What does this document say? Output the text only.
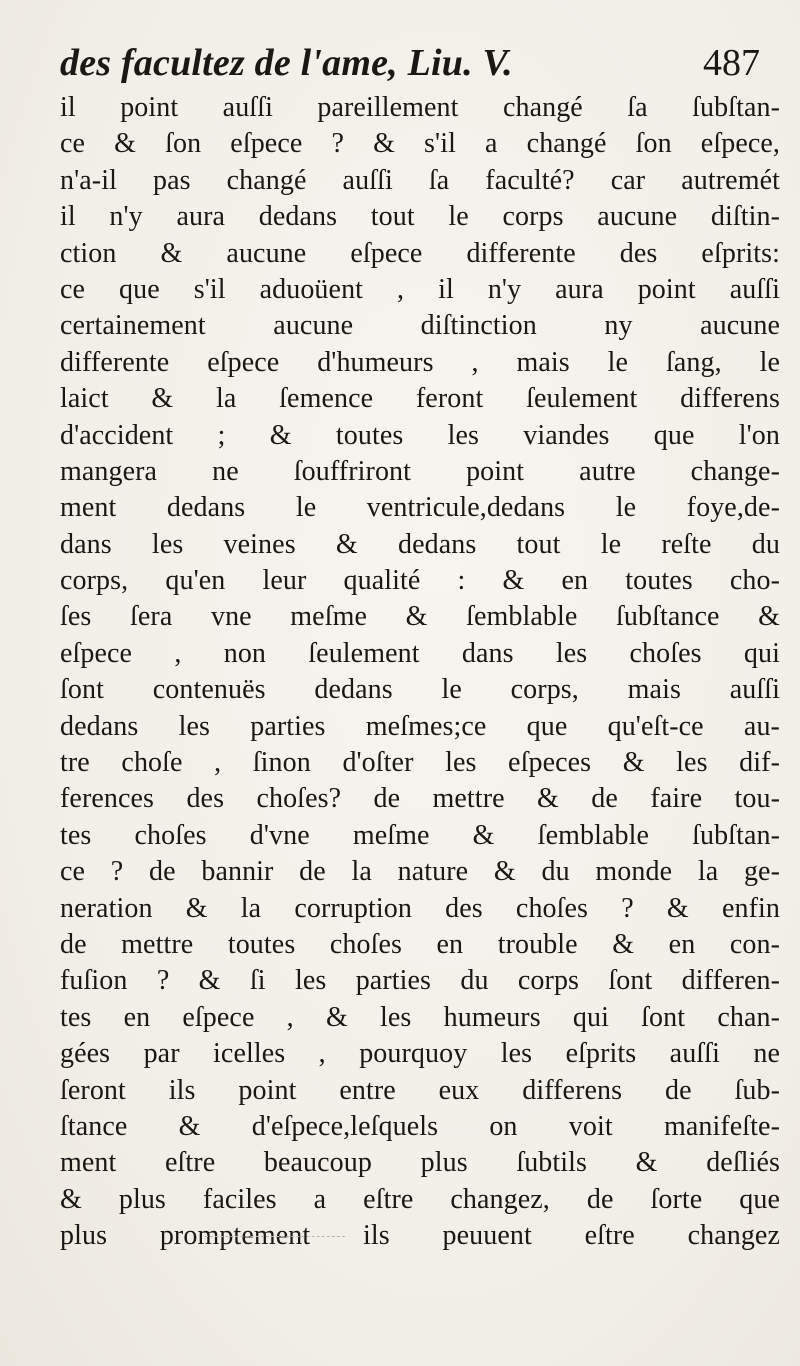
des facultez de l'ame, Liu. V.	487
il point auſſi pareillement changé ſa ſubſtan-
ce & ſon eſpece ? & s'il a changé ſon eſpece,
n'a-il pas changé auſſi ſa faculté? car autremét
il n'y aura dedans tout le corps aucune diſtin-
ction & aucune eſpece differente des eſprits:
ce que s'il aduoüent , il n'y aura point auſſi
certainement aucune diſtinction ny aucune
differente eſpece d'humeurs , mais le ſang, le
laict & la ſemence feront ſeulement differens
d'accident ; & toutes les viandes que l'on
mangera ne ſouffriront point autre change-
ment dedans le ventricule,dedans le foye,de-
dans les veines & dedans tout le reſte du
corps, qu'en leur qualité : & en toutes cho-
ſes ſera vne meſme & ſemblable ſubſtance &
eſpece , non ſeulement dans les choſes qui
ſont contenuës dedans le corps, mais auſſi
dedans les parties meſmes;ce que qu'eſt-ce au-
tre choſe , ſinon d'oſter les eſpeces & les dif-
ferences des choſes? de mettre & de faire tou-
tes choſes d'vne meſme & ſemblable ſubſtan-
ce ? de bannir de la nature & du monde la ge-
neration & la corruption des choſes ? & enfin
de mettre toutes choſes en trouble & en con-
fuſion ? & ſi les parties du corps ſont differen-
tes en eſpece , & les humeurs qui ſont chan-
gées par icelles , pourquoy les eſprits auſſi ne
ſeront ils point entre eux differens de ſub-
ſtance & d'eſpece,leſquels on voit manifeſte-
ment eſtre beaucoup plus ſubtils & deſliés
& plus faciles a eſtre changez, de ſorte que
plus promptement ils peuuent eſtre changez
